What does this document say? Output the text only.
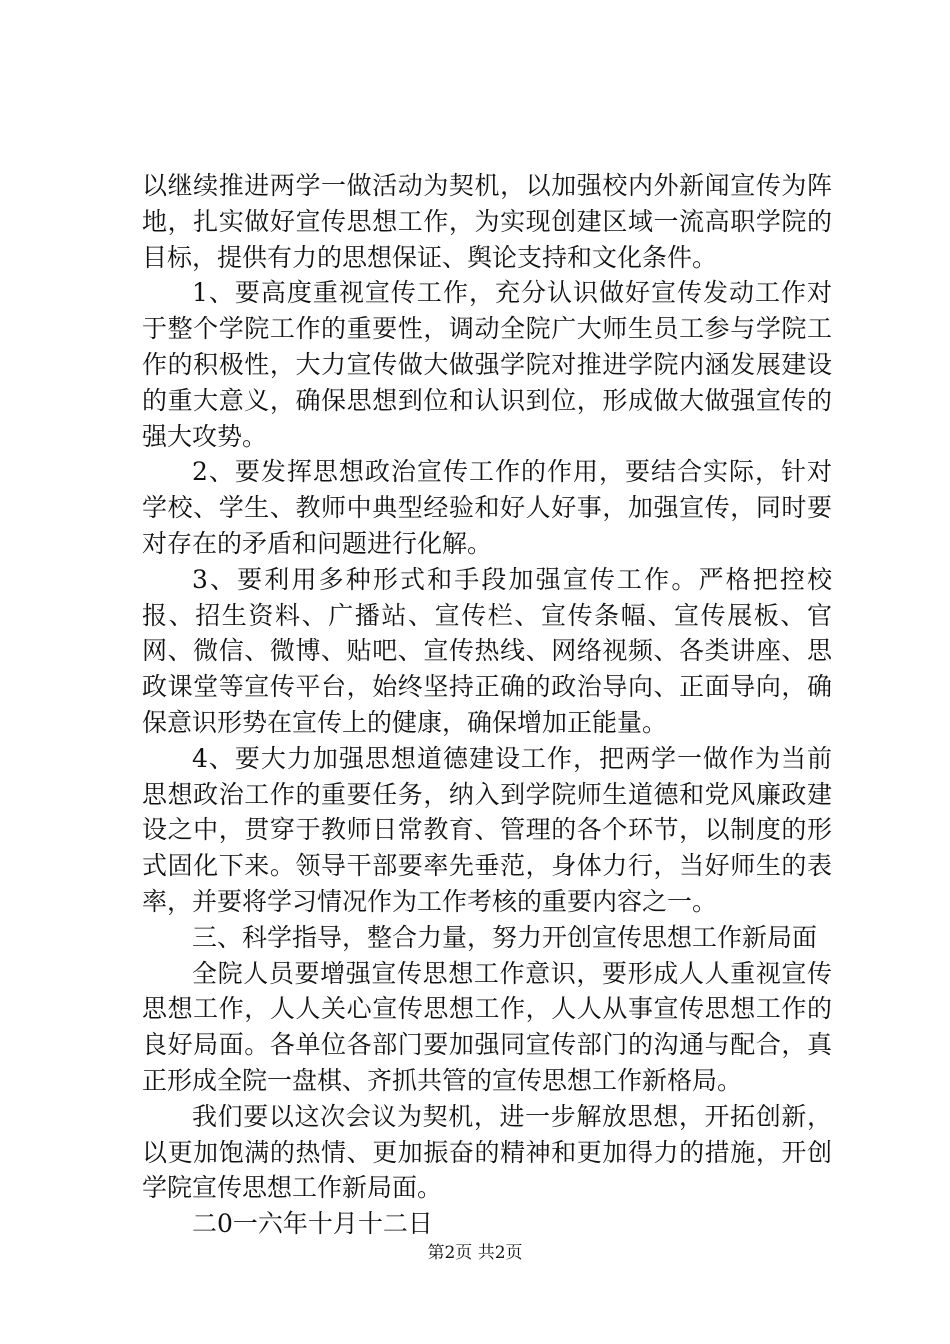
以继续推进两学一做活动为契机，以加强校内外新闻宣传为阵地，扎实做好宣传思想工作，为实现创建区域一流高职学院的目标，提供有力的思想保证、舆论支持和文化条件。

1、要高度重视宣传工作，充分认识做好宣传发动工作对于整个学院工作的重要性，调动全院广大师生员工参与学院工作的积极性，大力宣传做大做强学院对推进学院内涵发展建设的重大意义，确保思想到位和认识到位，形成做大做强宣传的强大攻势。

2、要发挥思想政治宣传工作的作用，要结合实际，针对学校、学生、教师中典型经验和好人好事，加强宣传，同时要对存在的矛盾和问题进行化解。

3、要利用多种形式和手段加强宣传工作。严格把控校报、招生资料、广播站、宣传栏、宣传条幅、宣传展板、官网、微信、微博、贴吧、宣传热线、网络视频、各类讲座、思政课堂等宣传平台，始终坚持正确的政治导向、正面导向，确保意识形势在宣传上的健康，确保增加正能量。

4、要大力加强思想道德建设工作，把两学一做作为当前思想政治工作的重要任务，纳入到学院师生道德和党风廉政建设之中，贯穿于教师日常教育、管理的各个环节，以制度的形式固化下来。领导干部要率先垂范，身体力行，当好师生的表率，并要将学习情况作为工作考核的重要内容之一。

三、科学指导，整合力量，努力开创宣传思想工作新局面

全院人员要增强宣传思想工作意识，要形成人人重视宣传思想工作，人人关心宣传思想工作，人人从事宣传思想工作的良好局面。各单位各部门要加强同宣传部门的沟通与配合，真正形成全院一盘棋、齐抓共管的宣传思想工作新格局。

我们要以这次会议为契机，进一步解放思想，开拓创新，以更加饱满的热情、更加振奋的精神和更加得力的措施，开创学院宣传思想工作新局面。

二0一六年十月十二日

第2页 共2页
